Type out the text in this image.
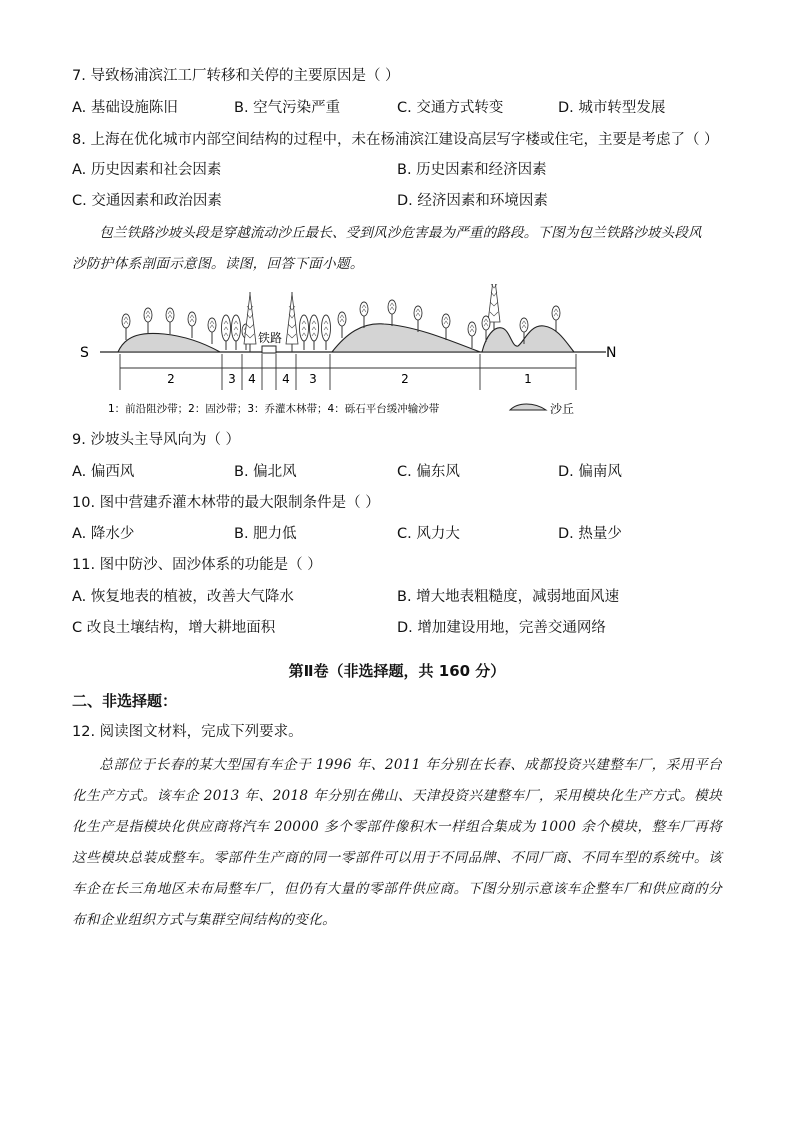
7. 导致杨浦滨江工厂转移和关停的主要原因是（ ）
A. 基础设施陈旧	B. 空气污染严重	C. 交通方式转变	D. 城市转型发展
8. 上海在优化城市内部空间结构的过程中，未在杨浦滨江建设高层写字楼或住宅，主要是考虑了（ ）
A. 历史因素和社会因素	B. 历史因素和经济因素
C. 交通因素和政治因素	D. 经济因素和环境因素

包兰铁路沙坡头段是穿越流动沙丘最长、受到风沙危害最为严重的路段。下图为包兰铁路沙坡头段风

沙防护体系剖面示意图。读图，回答下面小题。
S	N
铁路
2	3 4 4 3	2	1
1：前沿阻沙带；2：固沙带；3：乔灌木林带；4：砾石平台缓冲输沙带	沙丘
9. 沙坡头主导风向为（ ）
A. 偏西风	B. 偏北风	C. 偏东风	D. 偏南风
10. 图中营建乔灌木林带的最大限制条件是（ ）
A. 降水少	B. 肥力低	C. 风力大	D. 热量少
11. 图中防沙、固沙体系的功能是（ ）
A. 恢复地表的植被，改善大气降水	B. 增大地表粗糙度，减弱地面风速
C 改良土壤结构，增大耕地面积	D. 增加建设用地，完善交通网络
第Ⅱ卷（非选择题，共 160 分）
二、非选择题：
12. 阅读图文材料，完成下列要求。

总部位于长春的某大型国有车企于 1996 年、2011 年分别在长春、成都投资兴建整车厂，采用平台化生产方式。该车企 2013 年、2018 年分别在佛山、天津投资兴建整车厂，采用模块化生产方式。模块化生产是指模块化供应商将汽车 20000 多个零部件像积木一样组合集成为 1000 余个模块，整车厂再将这些模块总装成整车。零部件生产商的同一零部件可以用于不同品牌、不同厂商、不同车型的系统中。该车企在长三角地区未布局整车厂，但仍有大量的零部件供应商。下图分别示意该车企整车厂和供应商的分布和企业组织方式与集群空间结构的变化。
